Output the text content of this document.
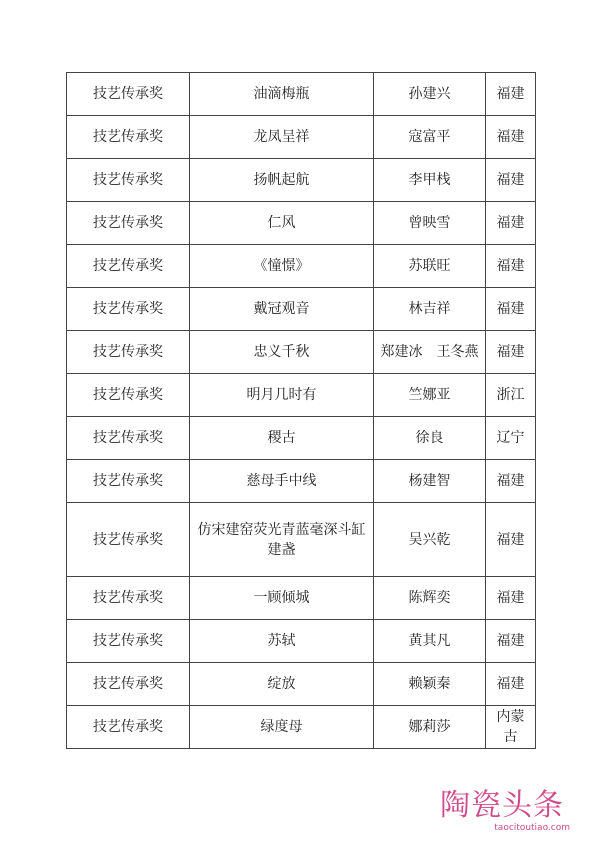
技艺传承奖	油滴梅瓶	孙建兴	福建
技艺传承奖	龙凤呈祥	寇富平	福建
技艺传承奖	扬帆起航	李甲栈	福建
技艺传承奖	仁风	曾映雪	福建
技艺传承奖	《憧憬》	苏联旺	福建
技艺传承奖	戴冠观音	林吉祥	福建
技艺传承奖	忠义千秋	郑建冰　王冬燕	福建
技艺传承奖	明月几时有	竺娜亚	浙江
技艺传承奖	稷古	徐良	辽宁
技艺传承奖	慈母手中线	杨建智	福建
技艺传承奖	仿宋建窑荧光青蓝毫深斗缸建盏	吴兴乾	福建
技艺传承奖	一顾倾城	陈辉奕	福建
技艺传承奖	苏轼	黄其凡	福建
技艺传承奖	绽放	赖颖秦	福建
技艺传承奖	绿度母	娜莉莎	内蒙古
陶瓷头条
taocitoutiao.com
